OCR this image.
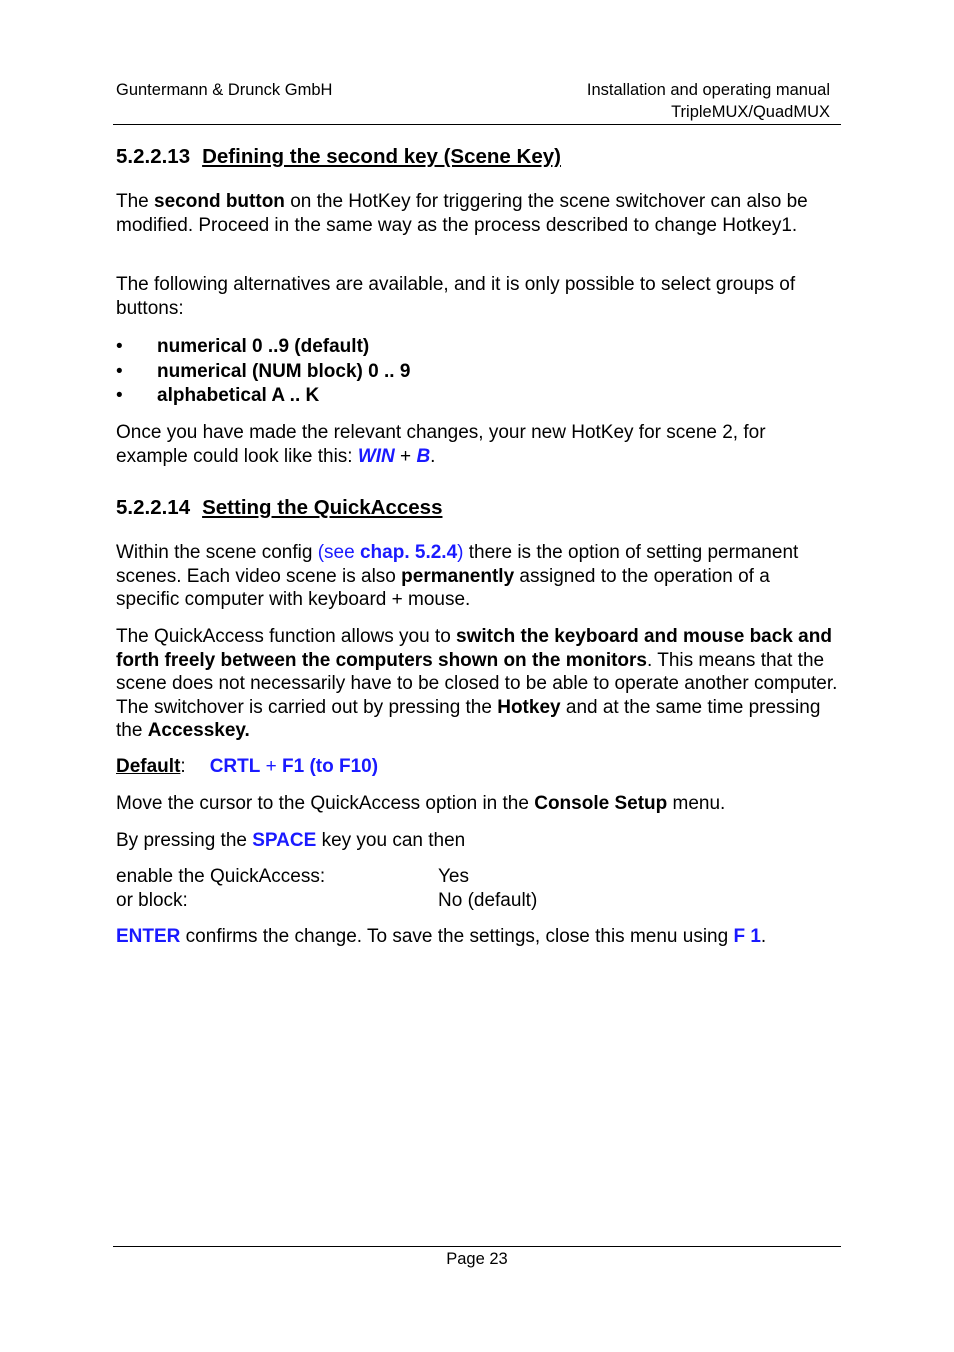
Guntermann & Drunck GmbH	Installation and operating manual
TripleMUX/QuadMUX
5.2.2.13 Defining the second key (Scene Key)
The second button on the HotKey for triggering the scene switchover can also be modified. Proceed in the same way as the process described to change Hotkey1.
The following alternatives are available, and it is only possible to select groups of buttons:
• numerical 0 ..9 (default)
• numerical (NUM block) 0 .. 9
• alphabetical A .. K
Once you have made the relevant changes, your new HotKey for scene 2, for example could look like this: WIN + B.
5.2.2.14 Setting the QuickAccess
Within the scene config (see chap. 5.2.4) there is the option of setting permanent scenes. Each video scene is also permanently assigned to the operation of a specific computer with keyboard + mouse.
The QuickAccess function allows you to switch the keyboard and mouse back and forth freely between the computers shown on the monitors. This means that the scene does not necessarily have to be closed to be able to operate another computer. The switchover is carried out by pressing the Hotkey and at the same time pressing the Accesskey.
Default: CRTL + F1 (to F10)
Move the cursor to the QuickAccess option in the Console Setup menu.
By pressing the SPACE key you can then
enable the QuickAccess:	Yes
or block:	No (default)
ENTER confirms the change. To save the settings, close this menu using F 1.
Page 23
